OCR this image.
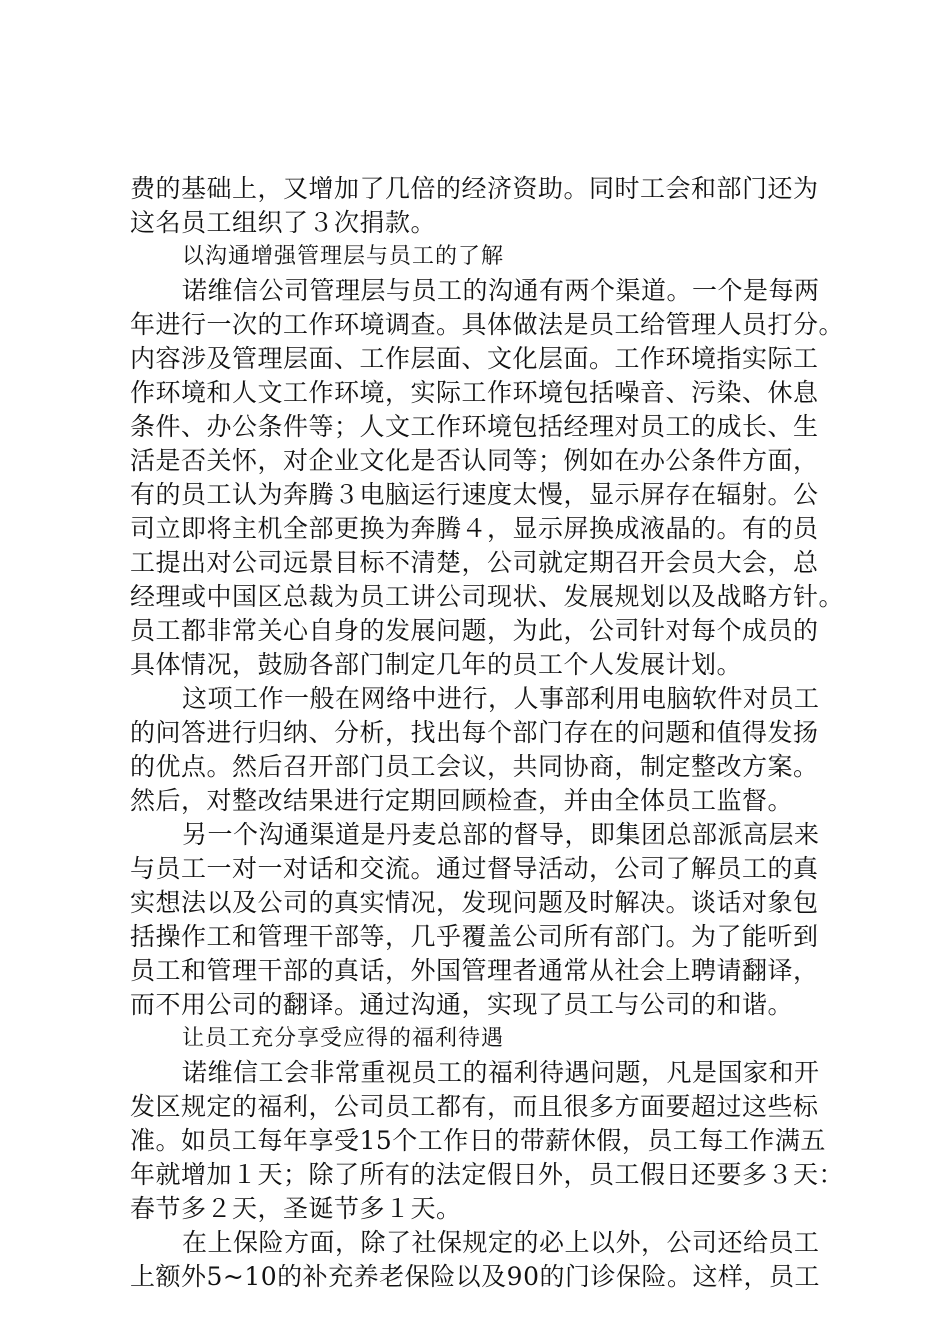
费的基础上，又增加了几倍的经济资助。同时工会和部门还为
这名员工组织了３次捐款。
以沟通增强管理层与员工的了解
诺维信公司管理层与员工的沟通有两个渠道。一个是每两
年进行一次的工作环境调查。具体做法是员工给管理人员打分。
内容涉及管理层面、工作层面、文化层面。工作环境指实际工
作环境和人文工作环境，实际工作环境包括噪音、污染、休息
条件、办公条件等；人文工作环境包括经理对员工的成长、生
活是否关怀，对企业文化是否认同等；例如在办公条件方面，
有的员工认为奔腾３电脑运行速度太慢，显示屏存在辐射。公
司立即将主机全部更换为奔腾４，显示屏换成液晶的。有的员
工提出对公司远景目标不清楚，公司就定期召开会员大会，总
经理或中国区总裁为员工讲公司现状、发展规划以及战略方针。
员工都非常关心自身的发展问题，为此，公司针对每个成员的
具体情况，鼓励各部门制定几年的员工个人发展计划。
这项工作一般在网络中进行，人事部利用电脑软件对员工
的问答进行归纳、分析，找出每个部门存在的问题和值得发扬
的优点。然后召开部门员工会议，共同协商，制定整改方案。
然后，对整改结果进行定期回顾检查，并由全体员工监督。
另一个沟通渠道是丹麦总部的督导，即集团总部派高层来
与员工一对一对话和交流。通过督导活动，公司了解员工的真
实想法以及公司的真实情况，发现问题及时解决。谈话对象包
括操作工和管理干部等，几乎覆盖公司所有部门。为了能听到
员工和管理干部的真话，外国管理者通常从社会上聘请翻译，
而不用公司的翻译。通过沟通，实现了员工与公司的和谐。
让员工充分享受应得的福利待遇
诺维信工会非常重视员工的福利待遇问题，凡是国家和开
发区规定的福利，公司员工都有，而且很多方面要超过这些标
准。如员工每年享受15个工作日的带薪休假，员工每工作满五
年就增加１天；除了所有的法定假日外，员工假日还要多３天：
春节多２天，圣诞节多１天。
在上保险方面，除了社保规定的必上以外，公司还给员工
上额外5~10的补充养老保险以及90的门诊保险。这样，员工
